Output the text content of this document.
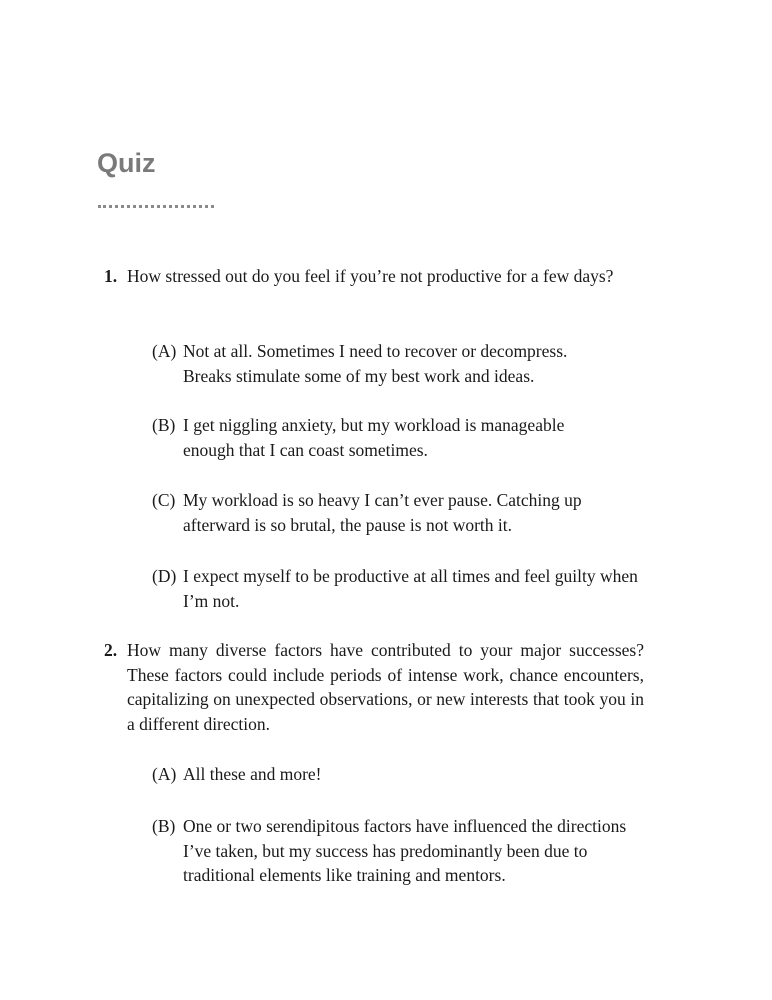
Quiz
1. How stressed out do you feel if you’re not productive for a few days?
(A) Not at all. Sometimes I need to recover or decompress. Breaks stimulate some of my best work and ideas.
(B) I get niggling anxiety, but my workload is manageable enough that I can coast sometimes.
(C) My workload is so heavy I can’t ever pause. Catching up afterward is so brutal, the pause is not worth it.
(D) I expect myself to be productive at all times and feel guilty when I’m not.
2. How many diverse factors have contributed to your major successes? These factors could include periods of intense work, chance encounters, capitalizing on unexpected observations, or new interests that took you in a different direction.
(A) All these and more!
(B) One or two serendipitous factors have influenced the directions I’ve taken, but my success has predominantly been due to traditional elements like training and mentors.
